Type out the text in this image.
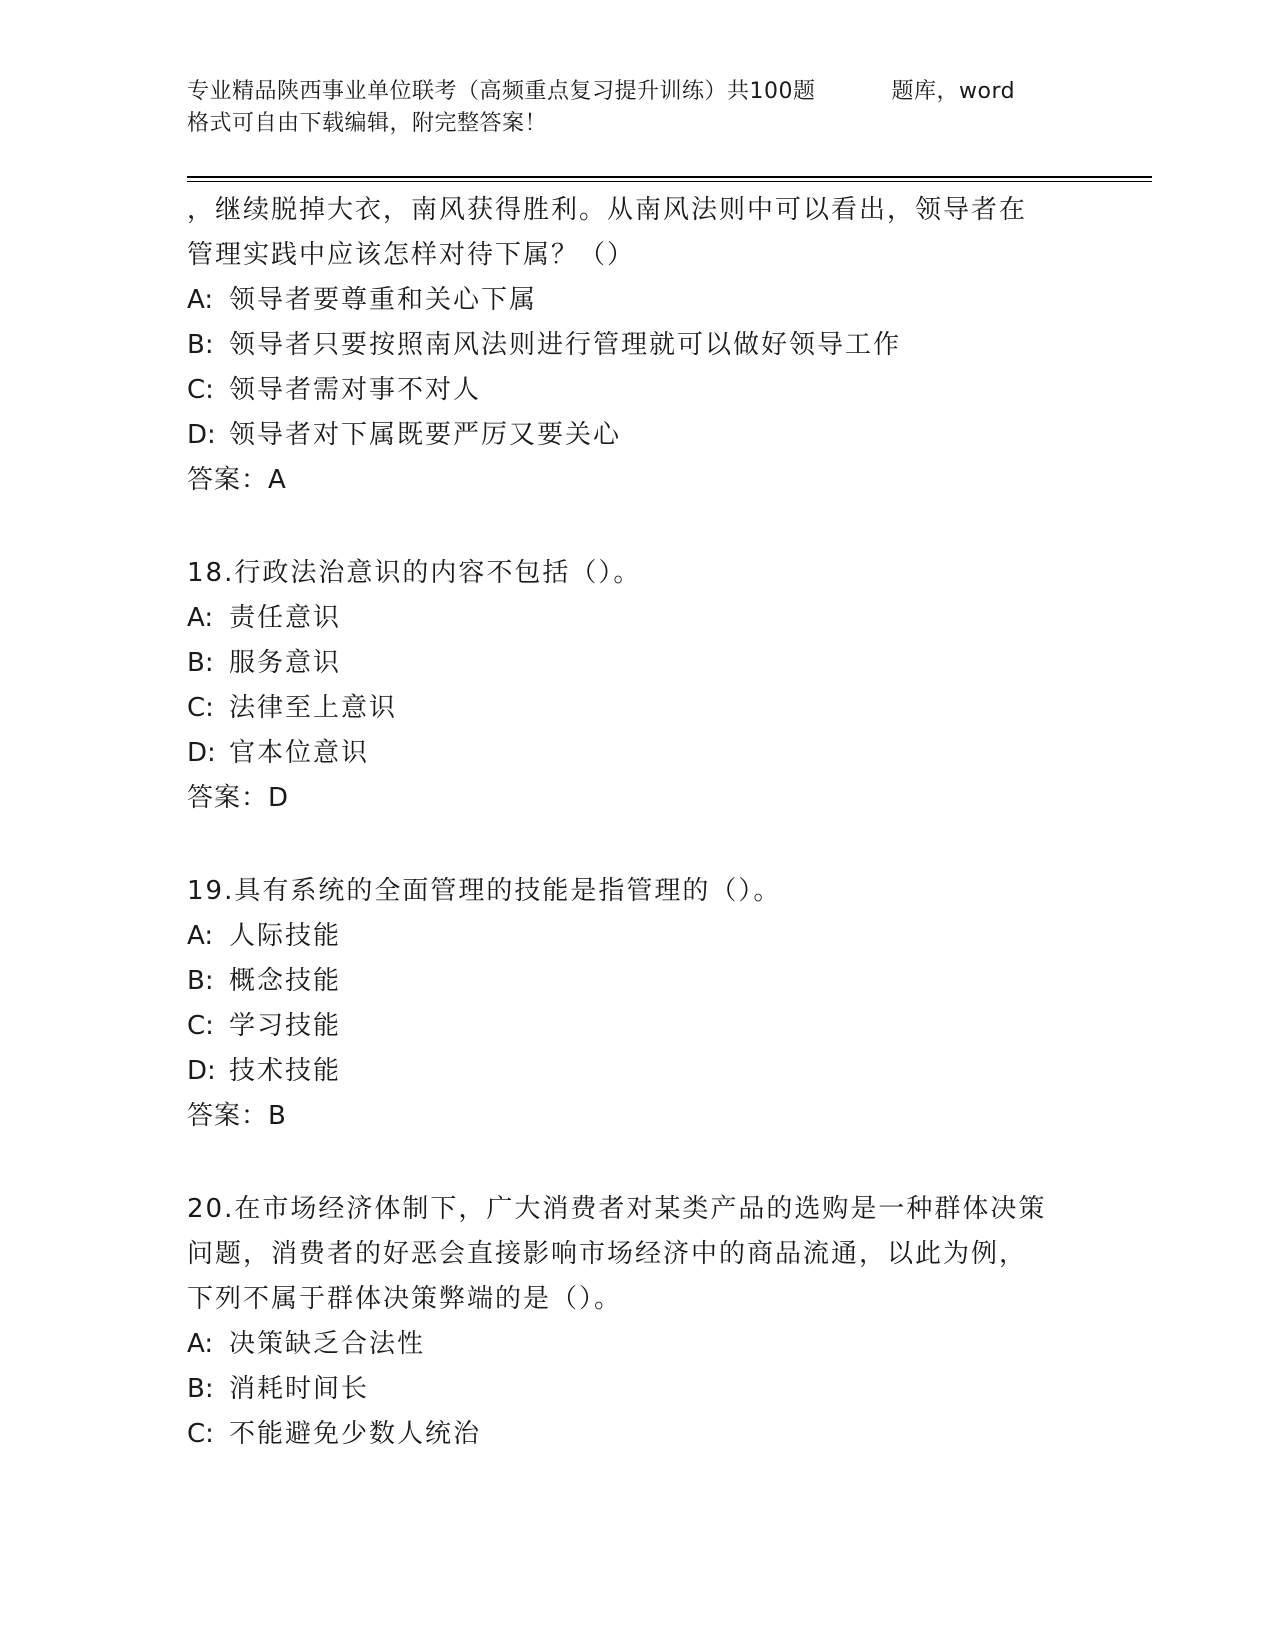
专业精品陕西事业单位联考（高频重点复习提升训练）共100题	题库，word
格式可自由下载编辑，附完整答案！
，继续脱掉大衣，南风获得胜利。从南风法则中可以看出，领导者在
管理实践中应该怎样对待下属？（）
A: 领导者要尊重和关心下属
B: 领导者只要按照南风法则进行管理就可以做好领导工作
C: 领导者需对事不对人
D: 领导者对下属既要严厉又要关心
答案：A
18.行政法治意识的内容不包括（）。
A: 责任意识
B: 服务意识
C: 法律至上意识
D: 官本位意识
答案：D
19.具有系统的全面管理的技能是指管理的（）。
A: 人际技能
B: 概念技能
C: 学习技能
D: 技术技能
答案：B
20.在市场经济体制下，广大消费者对某类产品的选购是一种群体决策
问题，消费者的好恶会直接影响市场经济中的商品流通，以此为例，
下列不属于群体决策弊端的是（）。
A: 决策缺乏合法性
B: 消耗时间长
C: 不能避免少数人统治
